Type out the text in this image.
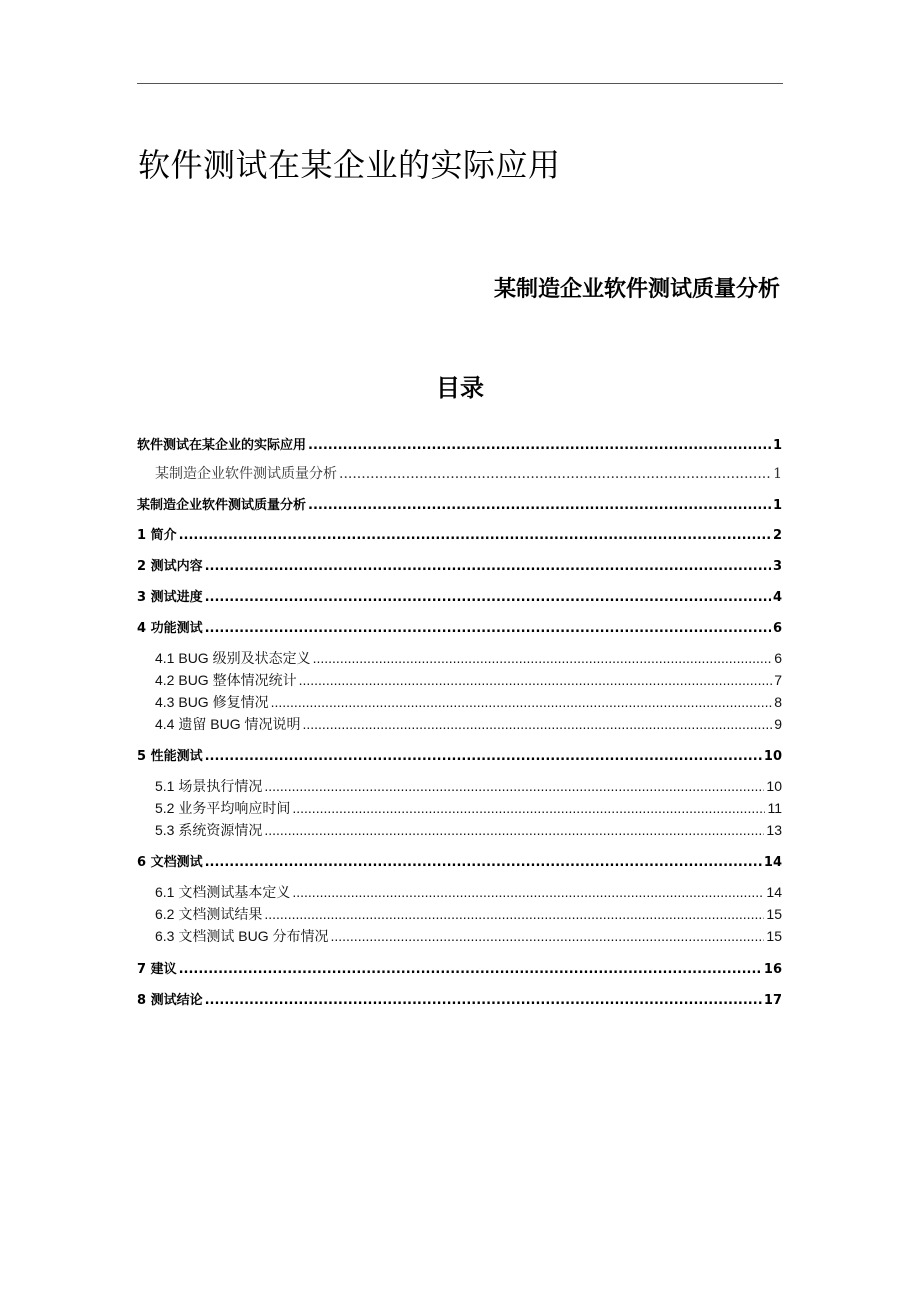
软件测试在某企业的实际应用
某制造企业软件测试质量分析
目录
软件测试在某企业的实际应用 .....	1
某制造企业软件测试质量分析 .....	1
某制造企业软件测试质量分析 .....	1
1 简介 .....	2
2 测试内容 .....	3
3 测试进度 .....	4
4 功能测试 .....	6
4.1 BUG 级别及状态定义 .....	6
4.2 BUG 整体情况统计 .....	7
4.3 BUG 修复情况 .....	8
4.4 遗留 BUG 情况说明 .....	9
5 性能测试 .....	10
5.1 场景执行情况 .....	10
5.2 业务平均响应时间 .....	11
5.3 系统资源情况 .....	13
6 文档测试 .....	14
6.1 文档测试基本定义 .....	14
6.2 文档测试结果 .....	15
6.3 文档测试 BUG 分布情况 .....	15
7 建议 .....	16
8 测试结论 .....	17
